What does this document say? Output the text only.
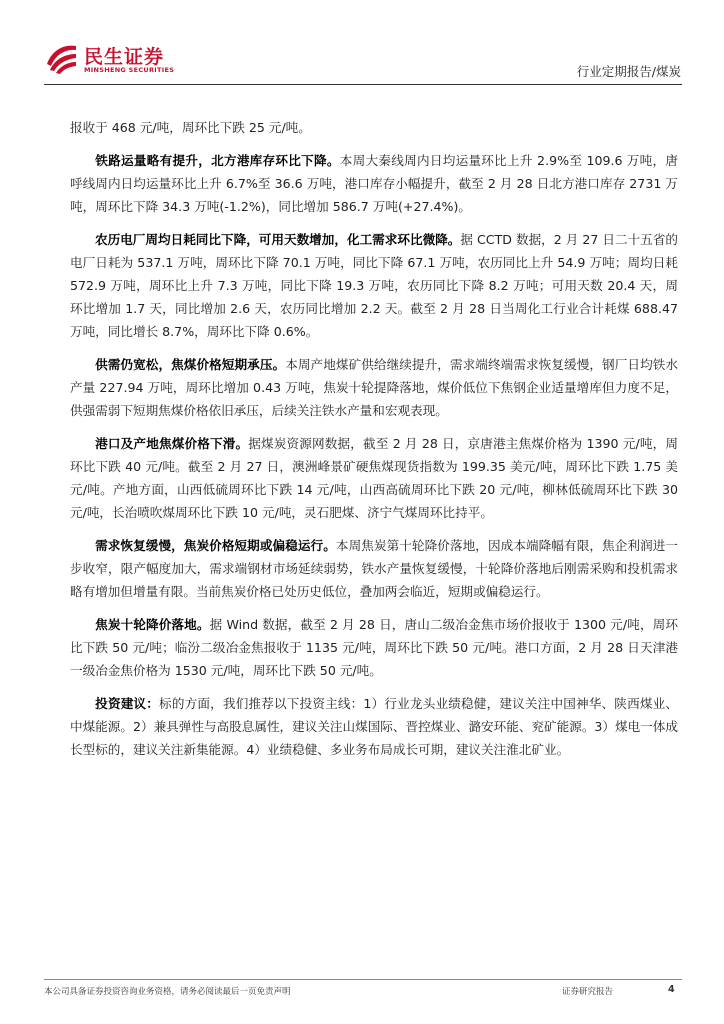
民生证券
MINSHENG SECURITIES	行业定期报告/煤炭

报收于 468 元/吨，周环比下跌 25 元/吨。

铁路运量略有提升，北方港库存环比下降。本周大秦线周内日均运量环比上升 2.9%至 109.6 万吨，唐呼线周内日均运量环比上升 6.7%至 36.6 万吨，港口库存小幅提升，截至 2 月 28 日北方港口库存 2731 万吨，周环比下降 34.3 万吨(-1.2%)，同比增加 586.7 万吨(+27.4%)。

农历电厂周均日耗同比下降，可用天数增加，化工需求环比微降。据 CCTD 数据，2 月 27 日二十五省的电厂日耗为 537.1 万吨，周环比下降 70.1 万吨，同比下降 67.1 万吨，农历同比上升 54.9 万吨；周均日耗 572.9 万吨，周环比上升 7.3 万吨，同比下降 19.3 万吨，农历同比下降 8.2 万吨；可用天数 20.4 天，周环比增加 1.7 天，同比增加 2.6 天，农历同比增加 2.2 天。截至 2 月 28 日当周化工行业合计耗煤 688.47 万吨，同比增长 8.7%，周环比下降 0.6%。

供需仍宽松，焦煤价格短期承压。本周产地煤矿供给继续提升，需求端终端需求恢复缓慢，钢厂日均铁水产量 227.94 万吨，周环比增加 0.43 万吨，焦炭十轮提降落地，煤价低位下焦钢企业适量增库但力度不足，供强需弱下短期焦煤价格依旧承压，后续关注铁水产量和宏观表现。

港口及产地焦煤价格下滑。据煤炭资源网数据，截至 2 月 28 日，京唐港主焦煤价格为 1390 元/吨，周环比下跌 40 元/吨。截至 2 月 27 日，澳洲峰景矿硬焦煤现货指数为 199.35 美元/吨，周环比下跌 1.75 美元/吨。产地方面，山西低硫周环比下跌 14 元/吨，山西高硫周环比下跌 20 元/吨，柳林低硫周环比下跌 30 元/吨，长治喷吹煤周环比下跌 10 元/吨，灵石肥煤、济宁气煤周环比持平。

需求恢复缓慢，焦炭价格短期或偏稳运行。本周焦炭第十轮降价落地，因成本端降幅有限，焦企利润进一步收窄，限产幅度加大，需求端钢材市场延续弱势，铁水产量恢复缓慢，十轮降价落地后刚需采购和投机需求略有增加但增量有限。当前焦炭价格已处历史低位，叠加两会临近，短期或偏稳运行。

焦炭十轮降价落地。据 Wind 数据，截至 2 月 28 日，唐山二级冶金焦市场价报收于 1300 元/吨，周环比下跌 50 元/吨；临汾二级冶金焦报收于 1135 元/吨，周环比下跌 50 元/吨。港口方面，2 月 28 日天津港一级冶金焦价格为 1530 元/吨，周环比下跌 50 元/吨。

投资建议：标的方面，我们推荐以下投资主线：1）行业龙头业绩稳健，建议关注中国神华、陕西煤业、中煤能源。2）兼具弹性与高股息属性，建议关注山煤国际、晋控煤业、潞安环能、兖矿能源。3）煤电一体成长型标的，建议关注新集能源。4）业绩稳健、多业务布局成长可期，建议关注淮北矿业。

本公司具备证券投资咨询业务资格，请务必阅读最后一页免责声明	证券研究报告	4
